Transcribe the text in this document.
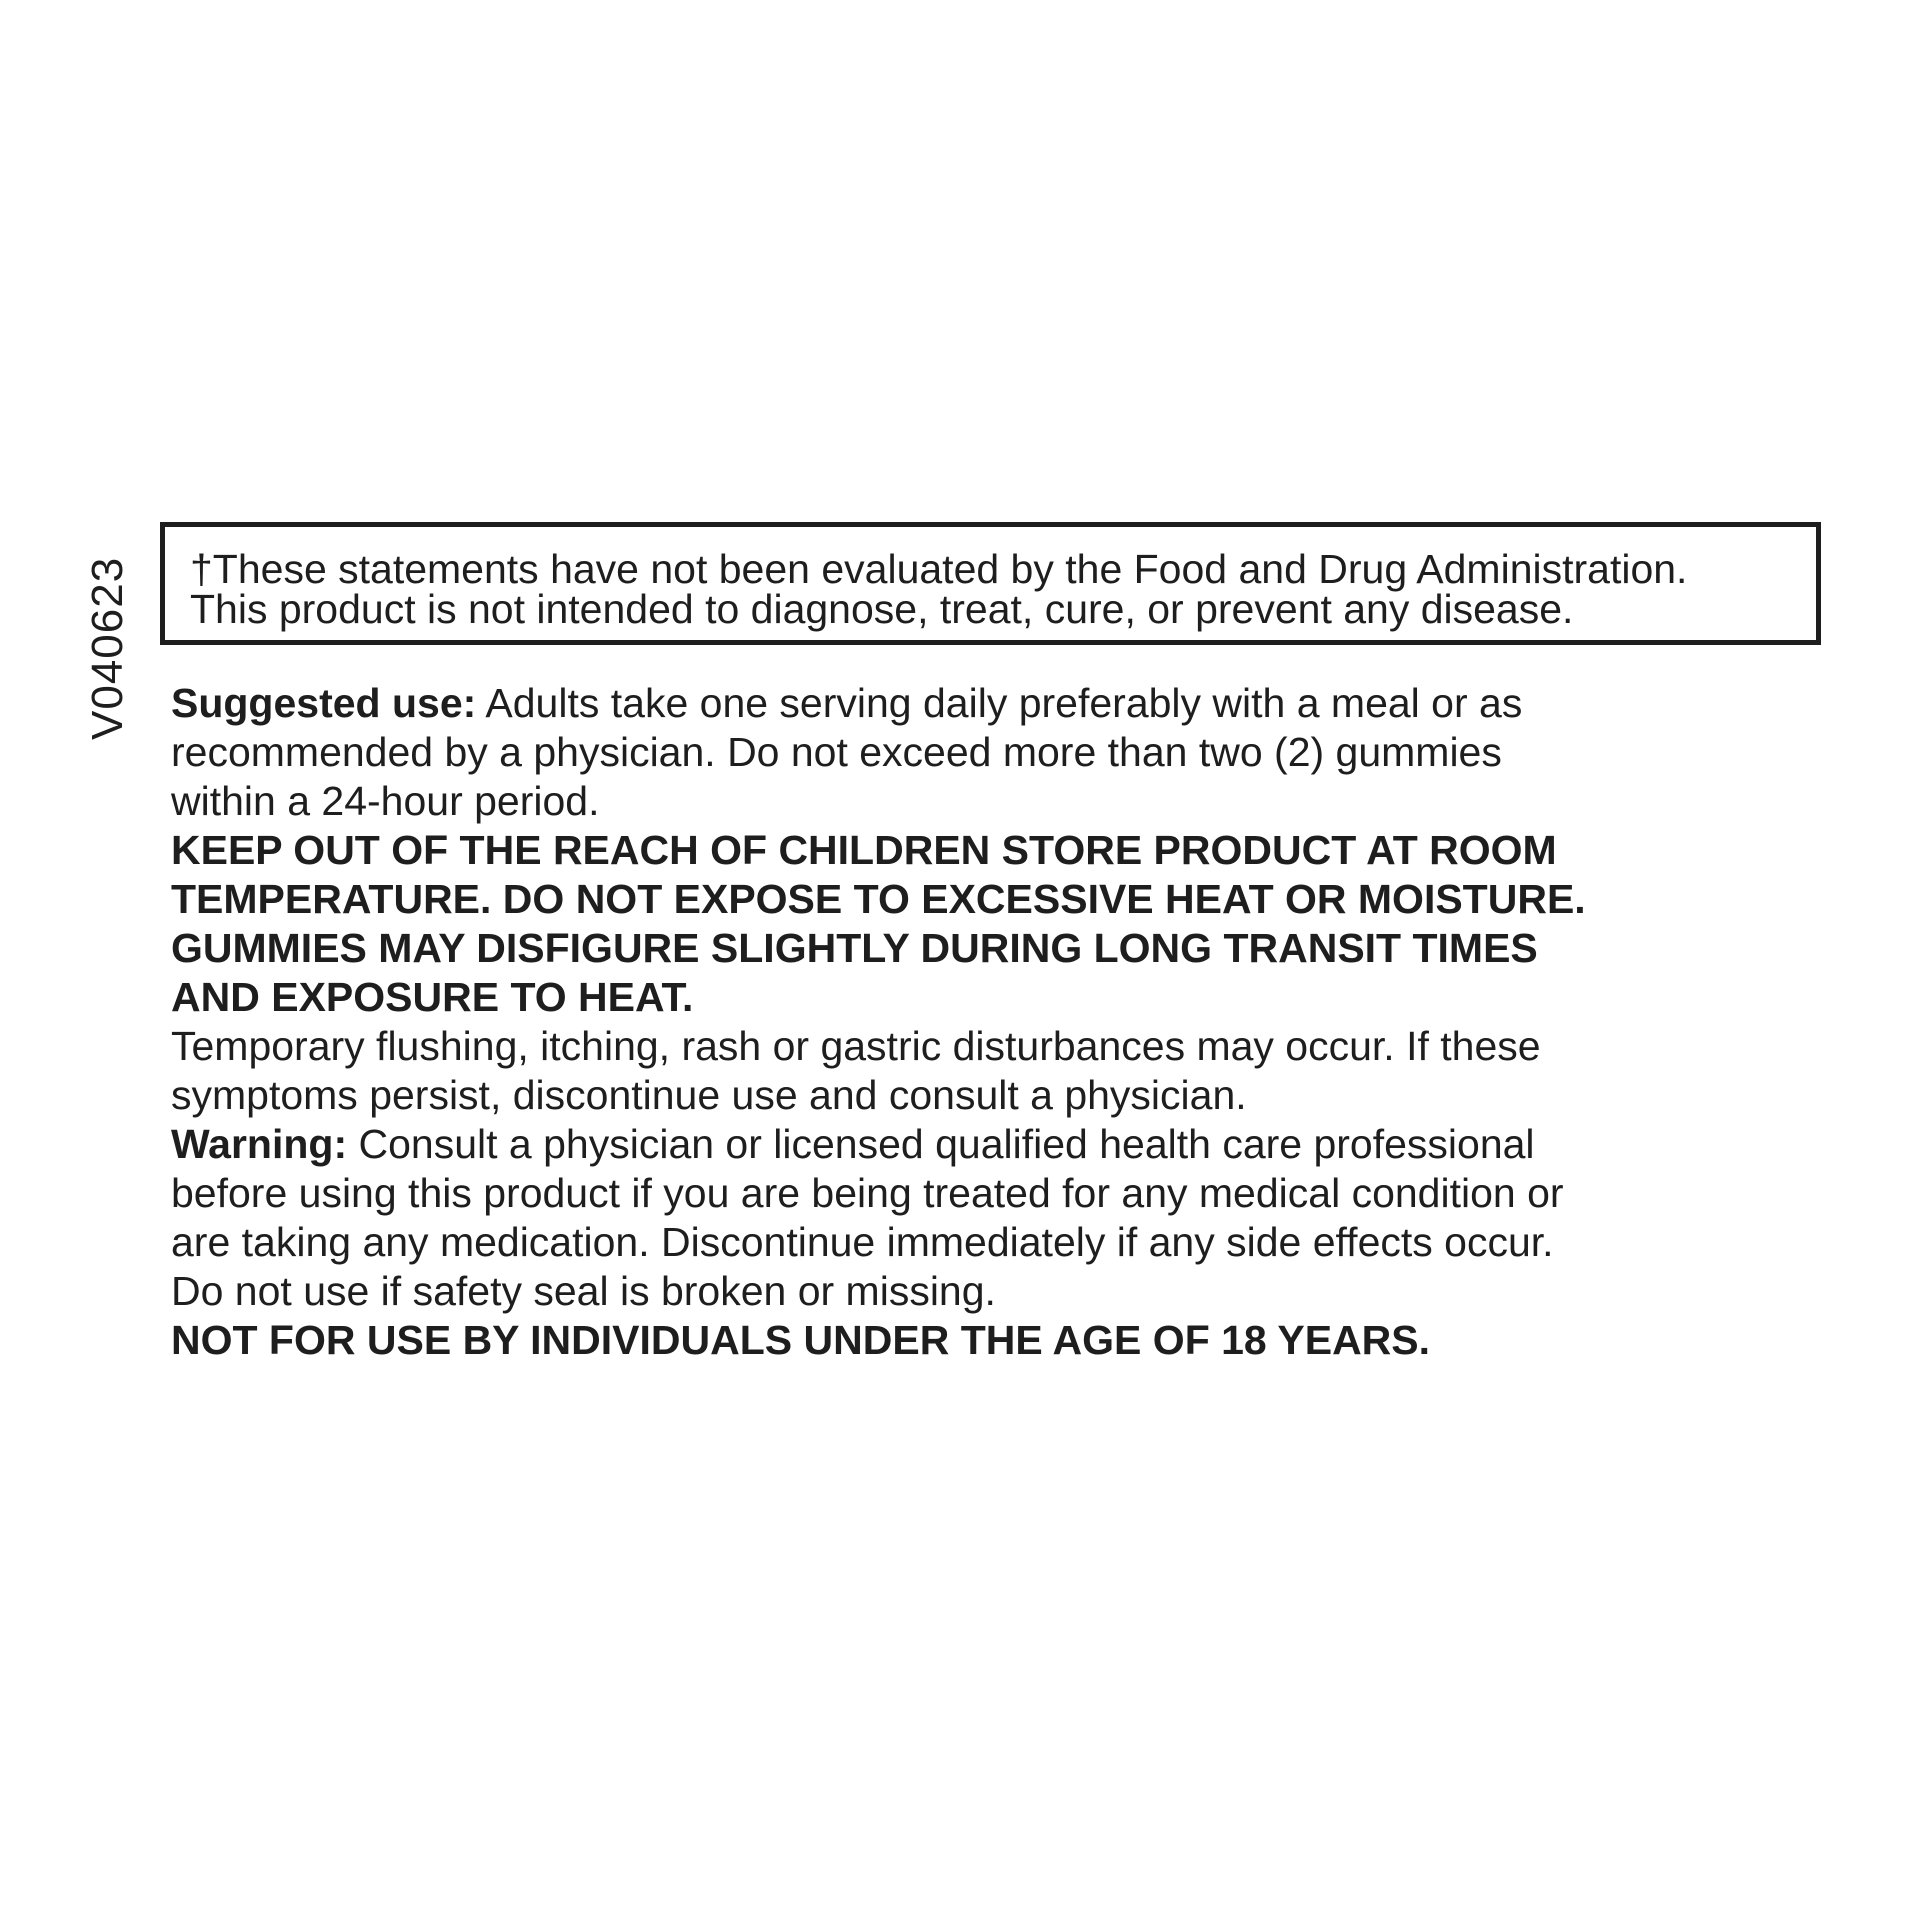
V040623 †These statements have not been evaluated by the Food and Drug Administration.
This product is not intended to diagnose, treat, cure, or prevent any disease.
Suggested use: Adults take one serving daily preferably with a meal or as
recommended by a physician. Do not exceed more than two (2) gummies
within a 24-hour period.
KEEP OUT OF THE REACH OF CHILDREN STORE PRODUCT AT ROOM
TEMPERATURE. DO NOT EXPOSE TO EXCESSIVE HEAT OR MOISTURE.
GUMMIES MAY DISFIGURE SLIGHTLY DURING LONG TRANSIT TIMES
AND EXPOSURE TO HEAT.
Temporary flushing, itching, rash or gastric disturbances may occur. If these
symptoms persist, discontinue use and consult a physician.
Warning: Consult a physician or licensed qualified health care professional
before using this product if you are being treated for any medical condition or
are taking any medication. Discontinue immediately if any side effects occur.
Do not use if safety seal is broken or missing.
NOT FOR USE BY INDIVIDUALS UNDER THE AGE OF 18 YEARS.
